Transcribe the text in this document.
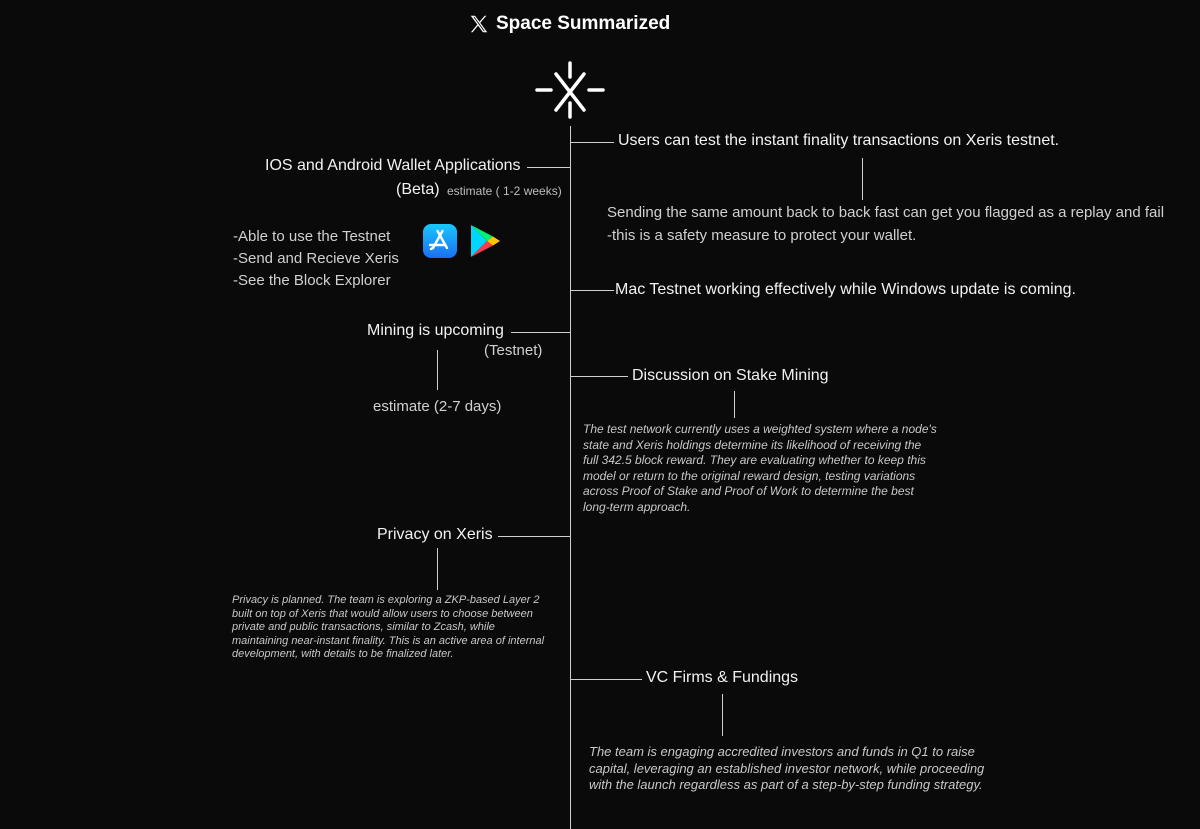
Space Summarized
Users can test the instant finality transactions on Xeris testnet.
Sending the same amount back to back fast can get you flagged as a replay and fail
-this is a safety measure to protect your wallet.
Mac Testnet working effectively while Windows update is coming.
Discussion on Stake Mining
The test network currently uses a weighted system where a node's state and Xeris holdings determine its likelihood of receiving the full 342.5 block reward. They are evaluating whether to keep this model or return to the original reward design, testing variations across Proof of Stake and Proof of Work to determine the best long-term approach.
VC Firms & Fundings
The team is engaging accredited investors and funds in Q1 to raise capital, leveraging an established investor network, while proceeding with the launch regardless as part of a step-by-step funding strategy.
IOS and Android Wallet Applications
(Beta) estimate ( 1-2 weeks)
-Able to use the Testnet
-Send and Recieve Xeris
-See the Block Explorer
Mining is upcoming
(Testnet)
estimate (2-7 days)
Privacy on Xeris
Privacy is planned. The team is exploring a ZKP-based Layer 2 built on top of Xeris that would allow users to choose between private and public transactions, similar to Zcash, while maintaining near-instant finality. This is an active area of internal development, with details to be finalized later.
